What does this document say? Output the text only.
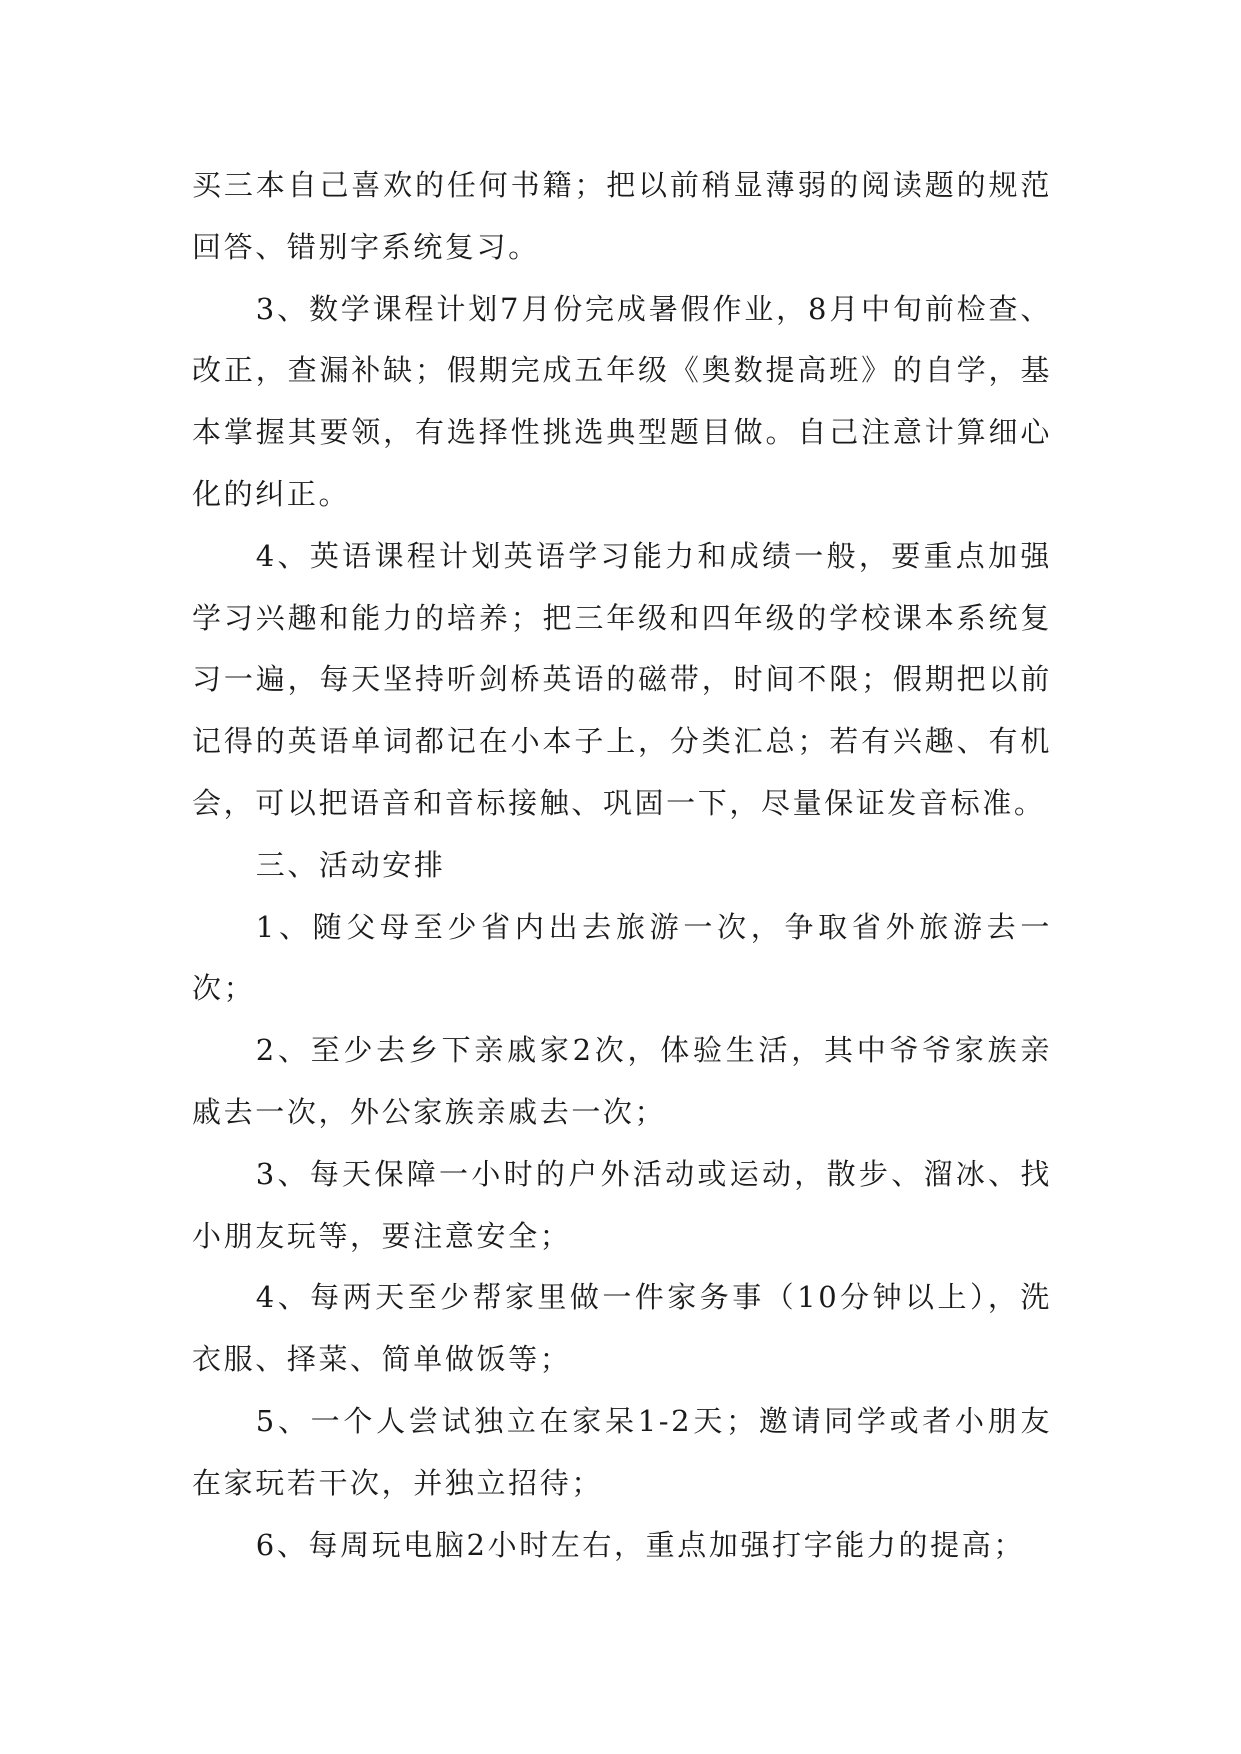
买三本自己喜欢的任何书籍；把以前稍显薄弱的阅读题的规范回答、错别字系统复习。

3、数学课程计划7月份完成暑假作业，8月中旬前检查、改正，查漏补缺；假期完成五年级《奥数提高班》的自学，基本掌握其要领，有选择性挑选典型题目做。自己注意计算细心化的纠正。

4、英语课程计划英语学习能力和成绩一般，要重点加强学习兴趣和能力的培养；把三年级和四年级的学校课本系统复习一遍，每天坚持听剑桥英语的磁带，时间不限；假期把以前记得的英语单词都记在小本子上，分类汇总；若有兴趣、有机会，可以把语音和音标接触、巩固一下，尽量保证发音标准。

三、活动安排

1、随父母至少省内出去旅游一次，争取省外旅游去一次；

2、至少去乡下亲戚家2次，体验生活，其中爷爷家族亲戚去一次，外公家族亲戚去一次；

3、每天保障一小时的户外活动或运动，散步、溜冰、找小朋友玩等，要注意安全；

4、每两天至少帮家里做一件家务事（10分钟以上），洗衣服、择菜、简单做饭等；

5、一个人尝试独立在家呆1-2天；邀请同学或者小朋友在家玩若干次，并独立招待；

6、每周玩电脑2小时左右，重点加强打字能力的提高；
